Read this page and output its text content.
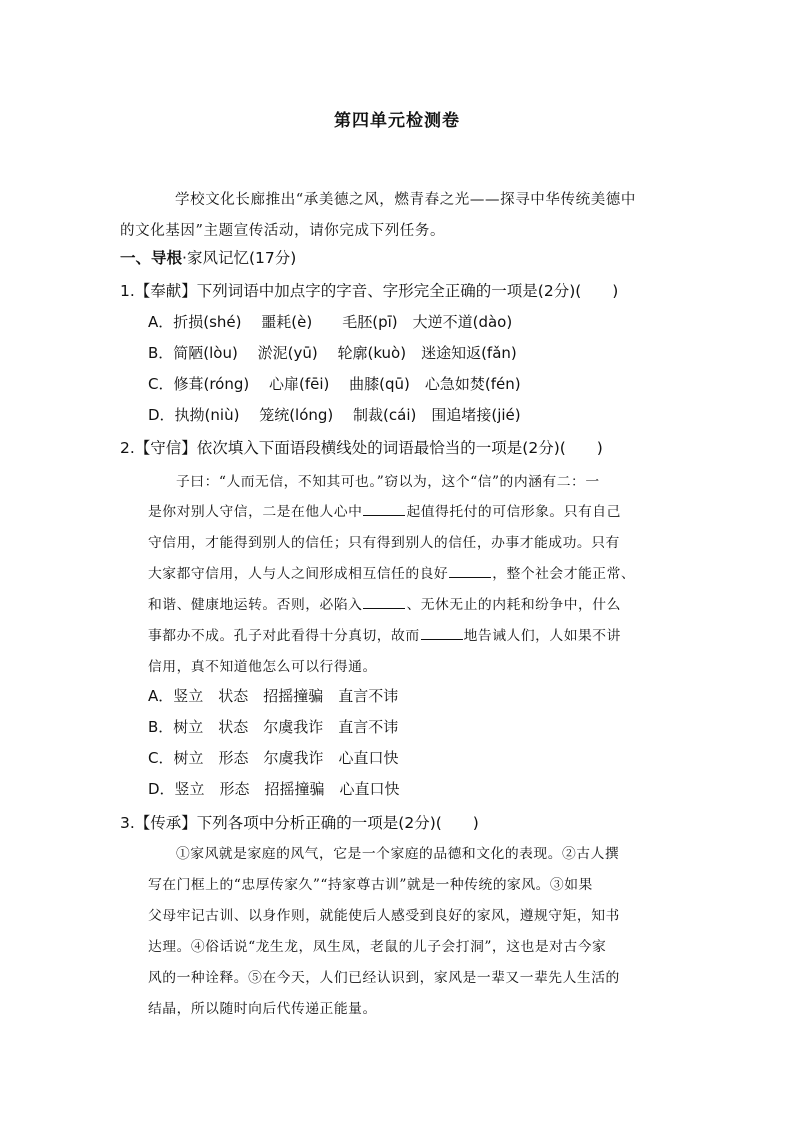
第四单元检测卷
学校文化长廊推出“承美德之风，燃青春之光——探寻中华传统美德中
的文化基因”主题宣传活动，请你完成下列任务。
一、导根·家风记忆(17分)
1.【奉献】下列词语中加点字的字音、字形完全正确的一项是(2分)(　　)
A．折损(shé)　 噩耗(è)　　毛胚(pī)　大逆不道(dào)
B．简陋(lòu)　 淤泥(yū)　 轮廓(kuò)　迷途知返(fǎn)
C．修葺(róng)　 心扉(fēi)　 曲膝(qū)　心急如焚(fén)
D．执拗(niù)　 笼统(lóng)　 制裁(cái)　围追堵接(jié)
2.【守信】依次填入下面语段横线处的词语最恰当的一项是(2分)(　　)
子曰：“人而无信，不知其可也。”窃以为，这个“信”的内涵有二：一
是你对别人守信，二是在他人心中	起值得托付的可信形象。只有自己
守信用，才能得到别人的信任；只有得到别人的信任，办事才能成功。只有
大家都守信用，人与人之间形成相互信任的良好	，整个社会才能正常、
和谐、健康地运转。否则，必陷入	、无休无止的内耗和纷争中，什么
事都办不成。孔子对此看得十分真切，故而	地告诫人们，人如果不讲
信用，真不知道他怎么可以行得通。
A．竖立　状态　招摇撞骗　直言不讳
B．树立　状态　尔虞我诈　直言不讳
C．树立　形态　尔虞我诈　心直口快
D．竖立　形态　招摇撞骗　心直口快
3.【传承】下列各项中分析正确的一项是(2分)(　　)
①家风就是家庭的风气，它是一个家庭的品德和文化的表现。②古人撰
写在门框上的“忠厚传家久”“持家尊古训”就是一种传统的家风。③如果
父母牢记古训、以身作则，就能使后人感受到良好的家风，遵规守矩，知书
达理。④俗话说“龙生龙，凤生凤，老鼠的儿子会打洞”，这也是对古今家
风的一种诠释。⑤在今天，人们已经认识到，家风是一辈又一辈先人生活的
结晶，所以随时向后代传递正能量。
